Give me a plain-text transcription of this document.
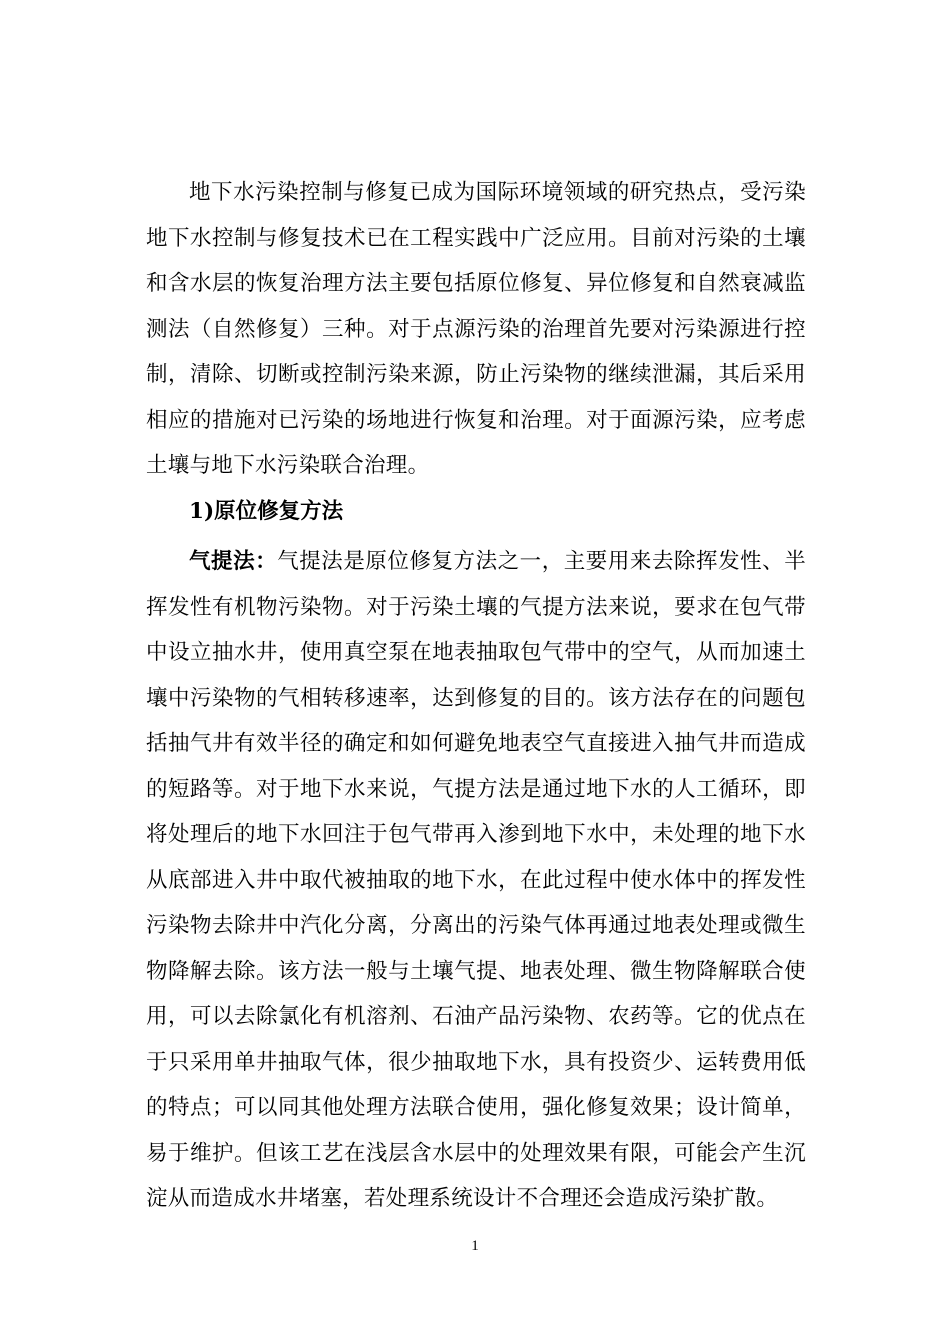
地下水污染控制与修复已成为国际环境领域的研究热点，受污染地下水控制与修复技术已在工程实践中广泛应用。目前对污染的土壤和含水层的恢复治理方法主要包括原位修复、异位修复和自然衰减监测法（自然修复）三种。对于点源污染的治理首先要对污染源进行控制，清除、切断或控制污染来源，防止污染物的继续泄漏，其后采用相应的措施对已污染的场地进行恢复和治理。对于面源污染，应考虑土壤与地下水污染联合治理。

1)原位修复方法

气提法：气提法是原位修复方法之一，主要用来去除挥发性、半挥发性有机物污染物。对于污染土壤的气提方法来说，要求在包气带中设立抽水井，使用真空泵在地表抽取包气带中的空气，从而加速土壤中污染物的气相转移速率，达到修复的目的。该方法存在的问题包括抽气井有效半径的确定和如何避免地表空气直接进入抽气井而造成的短路等。对于地下水来说，气提方法是通过地下水的人工循环，即将处理后的地下水回注于包气带再入渗到地下水中，未处理的地下水从底部进入井中取代被抽取的地下水，在此过程中使水体中的挥发性污染物去除井中汽化分离，分离出的污染气体再通过地表处理或微生物降解去除。该方法一般与土壤气提、地表处理、微生物降解联合使用，可以去除氯化有机溶剂、石油产品污染物、农药等。它的优点在于只采用单井抽取气体，很少抽取地下水，具有投资少、运转费用低的特点；可以同其他处理方法联合使用，强化修复效果；设计简单，易于维护。但该工艺在浅层含水层中的处理效果有限，可能会产生沉淀从而造成水井堵塞，若处理系统设计不合理还会造成污染扩散。

1
